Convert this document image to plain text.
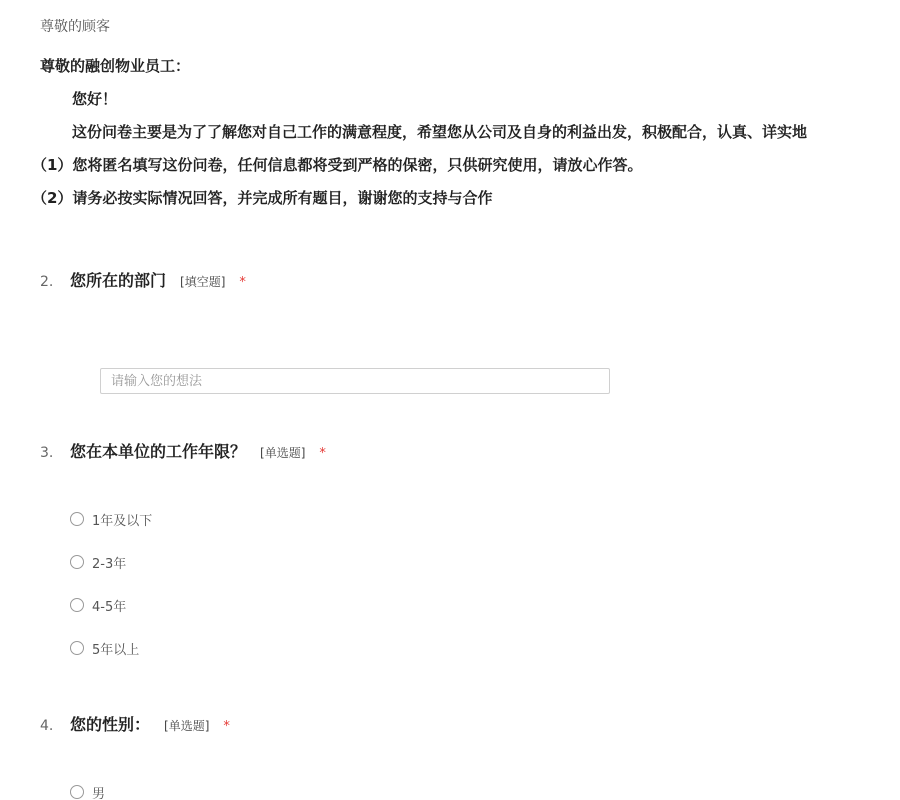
尊敬的顾客
尊敬的融创物业员工：
您好！
这份问卷主要是为了了解您对自己工作的满意程度，希望您从公司及自身的利益出发，积极配合，认真、详实地
（1）您将匿名填写这份问卷，任何信息都将受到严格的保密，只供研究使用，请放心作答。
（2）请务必按实际情况回答，并完成所有题目，谢谢您的支持与合作
2.	您所在的部门 [填空题] *
请输入您的想法
3.	您在本单位的工作年限？ [单选题] *
1年及以下
2-3年
4-5年
5年以上
4.	您的性别： [单选题] *
男
